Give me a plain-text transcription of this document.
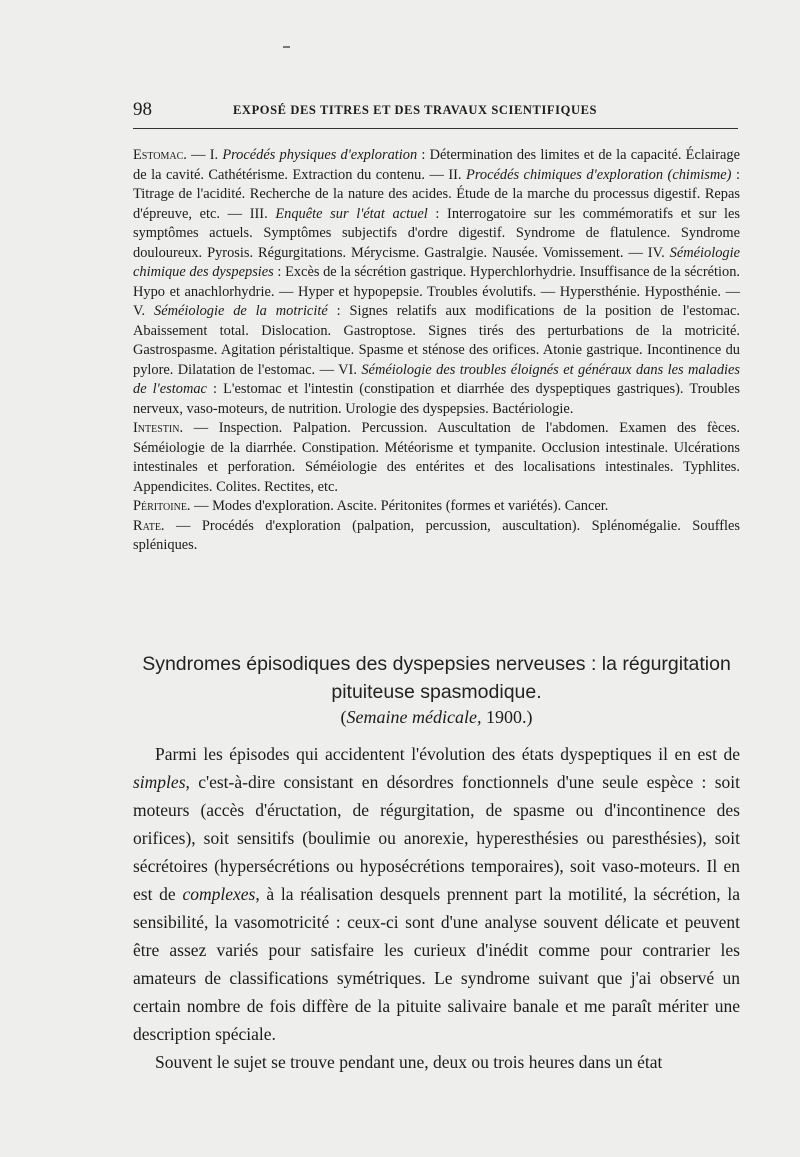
98	EXPOSÉ DES TITRES ET DES TRAVAUX SCIENTIFIQUES

Estomac. — I. Procédés physiques d'exploration : Détermination des limites et de la capacité. Éclairage de la cavité. Cathétérisme. Extraction du contenu. — II. Procédés chimiques d'exploration (chimisme) : Titrage de l'acidité. Recherche de la nature des acides. Étude de la marche du processus digestif. Repas d'épreuve, etc. — III. Enquête sur l'état actuel : Interrogatoire sur les commémoratifs et sur les symptômes actuels. Symptômes subjectifs d'ordre digestif. Syndrome de flatulence. Syndrome douloureux. Pyrosis. Régurgitations. Mérycisme. Gastralgie. Nausée. Vomissement. — IV. Séméiologie chimique des dyspepsies : Excès de la sécrétion gastrique. Hyperchlorhydrie. Insuffisance de la sécrétion. Hypo et anachlorhydrie. — Hyper et hypopepsie. Troubles évolutifs. — Hypersthénie. Hyposthénie. — V. Séméiologie de la motricité : Signes relatifs aux modifications de la position de l'estomac. Abaissement total. Dislocation. Gastroptose. Signes tirés des perturbations de la motricité. Gastrospasme. Agitation péristaltique. Spasme et sténose des orifices. Atonie gastrique. Incontinence du pylore. Dilatation de l'estomac. — VI. Séméiologie des troubles éloignés et généraux dans les maladies de l'estomac : L'estomac et l'intestin (constipation et diarrhée des dyspeptiques gastriques). Troubles nerveux, vaso-moteurs, de nutrition. Urologie des dyspepsies. Bactériologie.

Intestin. — Inspection. Palpation. Percussion. Auscultation de l'abdomen. Examen des fèces. Séméiologie de la diarrhée. Constipation. Météorisme et tympanite. Occlusion intestinale. Ulcérations intestinales et perforation. Séméiologie des entérites et des localisations intestinales. Typhlites. Appendicites. Colites. Rectites, etc.

Péritoine. — Modes d'exploration. Ascite. Péritonites (formes et variétés). Cancer.

Rate. — Procédés d'exploration (palpation, percussion, auscultation). Splénomégalie. Souffles spléniques.

Syndromes épisodiques des dyspepsies nerveuses : la régurgitation pituiteuse spasmodique.
(Semaine médicale, 1900.)

Parmi les épisodes qui accidentent l'évolution des états dyspeptiques il en est de simples, c'est-à-dire consistant en désordres fonctionnels d'une seule espèce : soit moteurs (accès d'éructation, de régurgitation, de spasme ou d'incontinence des orifices), soit sensitifs (boulimie ou anorexie, hyperesthésies ou paresthésies), soit sécrétoires (hypersécrétions ou hyposécrétions temporaires), soit vaso-moteurs. Il en est de complexes, à la réalisation desquels prennent part la motilité, la sécrétion, la sensibilité, la vasomotricité : ceux-ci sont d'une analyse souvent délicate et peuvent être assez variés pour satisfaire les curieux d'inédit comme pour contrarier les amateurs de classifications symétriques. Le syndrome suivant que j'ai observé un certain nombre de fois diffère de la pituite salivaire banale et me paraît mériter une description spéciale.

Souvent le sujet se trouve pendant une, deux ou trois heures dans un état
